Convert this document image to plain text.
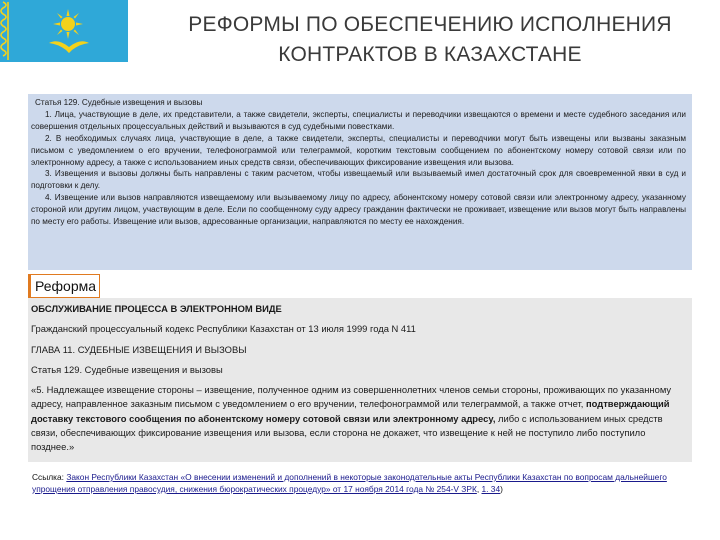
РЕФОРМЫ ПО ОБЕСПЕЧЕНИЮ ИСПОЛНЕНИЯ
КОНТРАКТОВ В КАЗАХСТАНЕ

Статья 129. Судебные извещения и вызовы

1. Лица, участвующие в деле, их представители, а также свидетели, эксперты, специалисты и переводчики извещаются о времени и месте судебного заседания или совершения отдельных процессуальных действий и вызываются в суд судебными повестками.

2. В необходимых случаях лица, участвующие в деле, а также свидетели, эксперты, специалисты и переводчики могут быть извещены или вызваны заказным письмом с уведомлением о его вручении, телефонограммой или телеграммой, коротким текстовым сообщением по абонентскому номеру сотовой связи или по электронному адресу, а также с использованием иных средств связи, обеспечивающих фиксирование извещения или вызова.

3. Извещения и вызовы должны быть направлены с таким расчетом, чтобы извещаемый или вызываемый имел достаточный срок для своевременной явки в суд и подготовки к делу.

4. Извещение или вызов направляются извещаемому или вызываемому лицу по адресу, абонентскому номеру сотовой связи или электронному адресу, указанному стороной или другим лицом, участвующим в деле. Если по сообщенному суду адресу гражданин фактически не проживает, извещение или вызов могут быть направлены по месту его работы. Извещение или вызов, адресованные организации, направляются по месту ее нахождения.

Реформа

ОБСЛУЖИВАНИЕ ПРОЦЕССА В ЭЛЕКТРОННОМ ВИДЕ

Гражданский процессуальный кодекс Республики Казахстан от 13 июля 1999 года N 411

ГЛАВА 11. СУДЕБНЫЕ ИЗВЕЩЕНИЯ И ВЫЗОВЫ

Статья 129. Судебные извещения и вызовы

«5. Надлежащее извещение стороны – извещение, полученное одним из совершеннолетних членов семьи стороны, проживающих по указанному адресу, направленное заказным письмом с уведомлением о его вручении, телефонограммой или телеграммой, а также отчет, подтверждающий доставку текстового сообщения по абонентскому номеру сотовой связи или электронному адресу, либо с использованием иных средств связи, обеспечивающих фиксирование извещения или вызова, если сторона не докажет, что извещение к ней не поступило либо поступило позднее.»

Ссылка: Закон Республики Казахстан «О внесении изменений и дополнений в некоторые законодательные акты Республики Казахстан по вопросам дальнейшего упрощения отправления правосудия, снижения бюрократических процедур» от 17 ноября 2014 года № 254-V ЗРК, 1. 34)
